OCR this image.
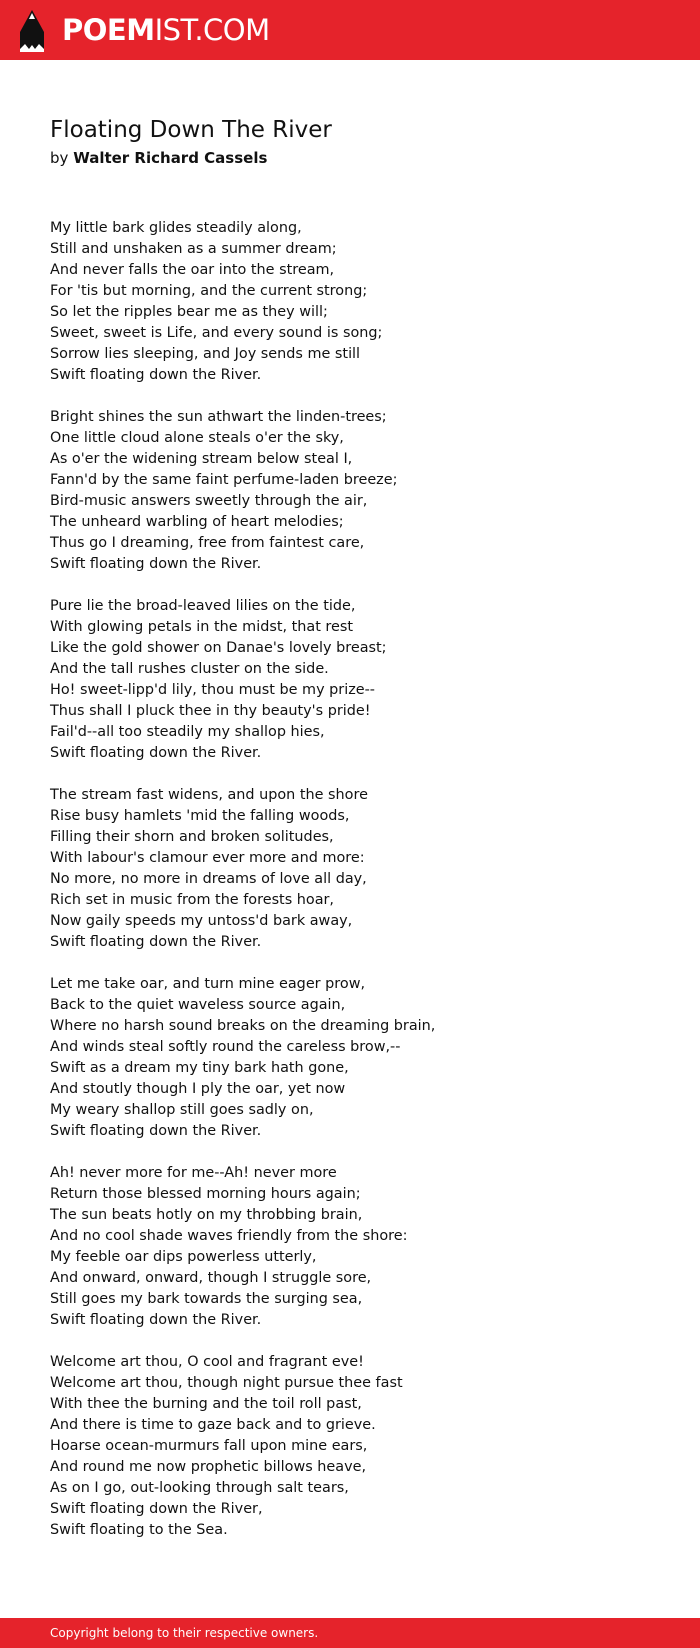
POEMIST.COM
Floating Down The River
by Walter Richard Cassels
My little bark glides steadily along,
Still and unshaken as a summer dream;
And never falls the oar into the stream,
For 'tis but morning, and the current strong;
So let the ripples bear me as they will;
Sweet, sweet is Life, and every sound is song;
Sorrow lies sleeping, and Joy sends me still
Swift floating down the River.
Bright shines the sun athwart the linden-trees;
One little cloud alone steals o'er the sky,
As o'er the widening stream below steal I,
Fann'd by the same faint perfume-laden breeze;
Bird-music answers sweetly through the air,
The unheard warbling of heart melodies;
Thus go I dreaming, free from faintest care,
Swift floating down the River.
Pure lie the broad-leaved lilies on the tide,
With glowing petals in the midst, that rest
Like the gold shower on Danae's lovely breast;
And the tall rushes cluster on the side.
Ho! sweet-lipp'd lily, thou must be my prize--
Thus shall I pluck thee in thy beauty's pride!
Fail'd--all too steadily my shallop hies,
Swift floating down the River.
The stream fast widens, and upon the shore
Rise busy hamlets 'mid the falling woods,
Filling their shorn and broken solitudes,
With labour's clamour ever more and more:
No more, no more in dreams of love all day,
Rich set in music from the forests hoar,
Now gaily speeds my untoss'd bark away,
Swift floating down the River.
Let me take oar, and turn mine eager prow,
Back to the quiet waveless source again,
Where no harsh sound breaks on the dreaming brain,
And winds steal softly round the careless brow,--
Swift as a dream my tiny bark hath gone,
And stoutly though I ply the oar, yet now
My weary shallop still goes sadly on,
Swift floating down the River.
Ah! never more for me--Ah! never more
Return those blessed morning hours again;
The sun beats hotly on my throbbing brain,
And no cool shade waves friendly from the shore:
My feeble oar dips powerless utterly,
And onward, onward, though I struggle sore,
Still goes my bark towards the surging sea,
Swift floating down the River.
Welcome art thou, O cool and fragrant eve!
Welcome art thou, though night pursue thee fast
With thee the burning and the toil roll past,
And there is time to gaze back and to grieve.
Hoarse ocean-murmurs fall upon mine ears,
And round me now prophetic billows heave,
As on I go, out-looking through salt tears,
Swift floating down the River,
Swift floating to the Sea.
Copyright belong to their respective owners.
